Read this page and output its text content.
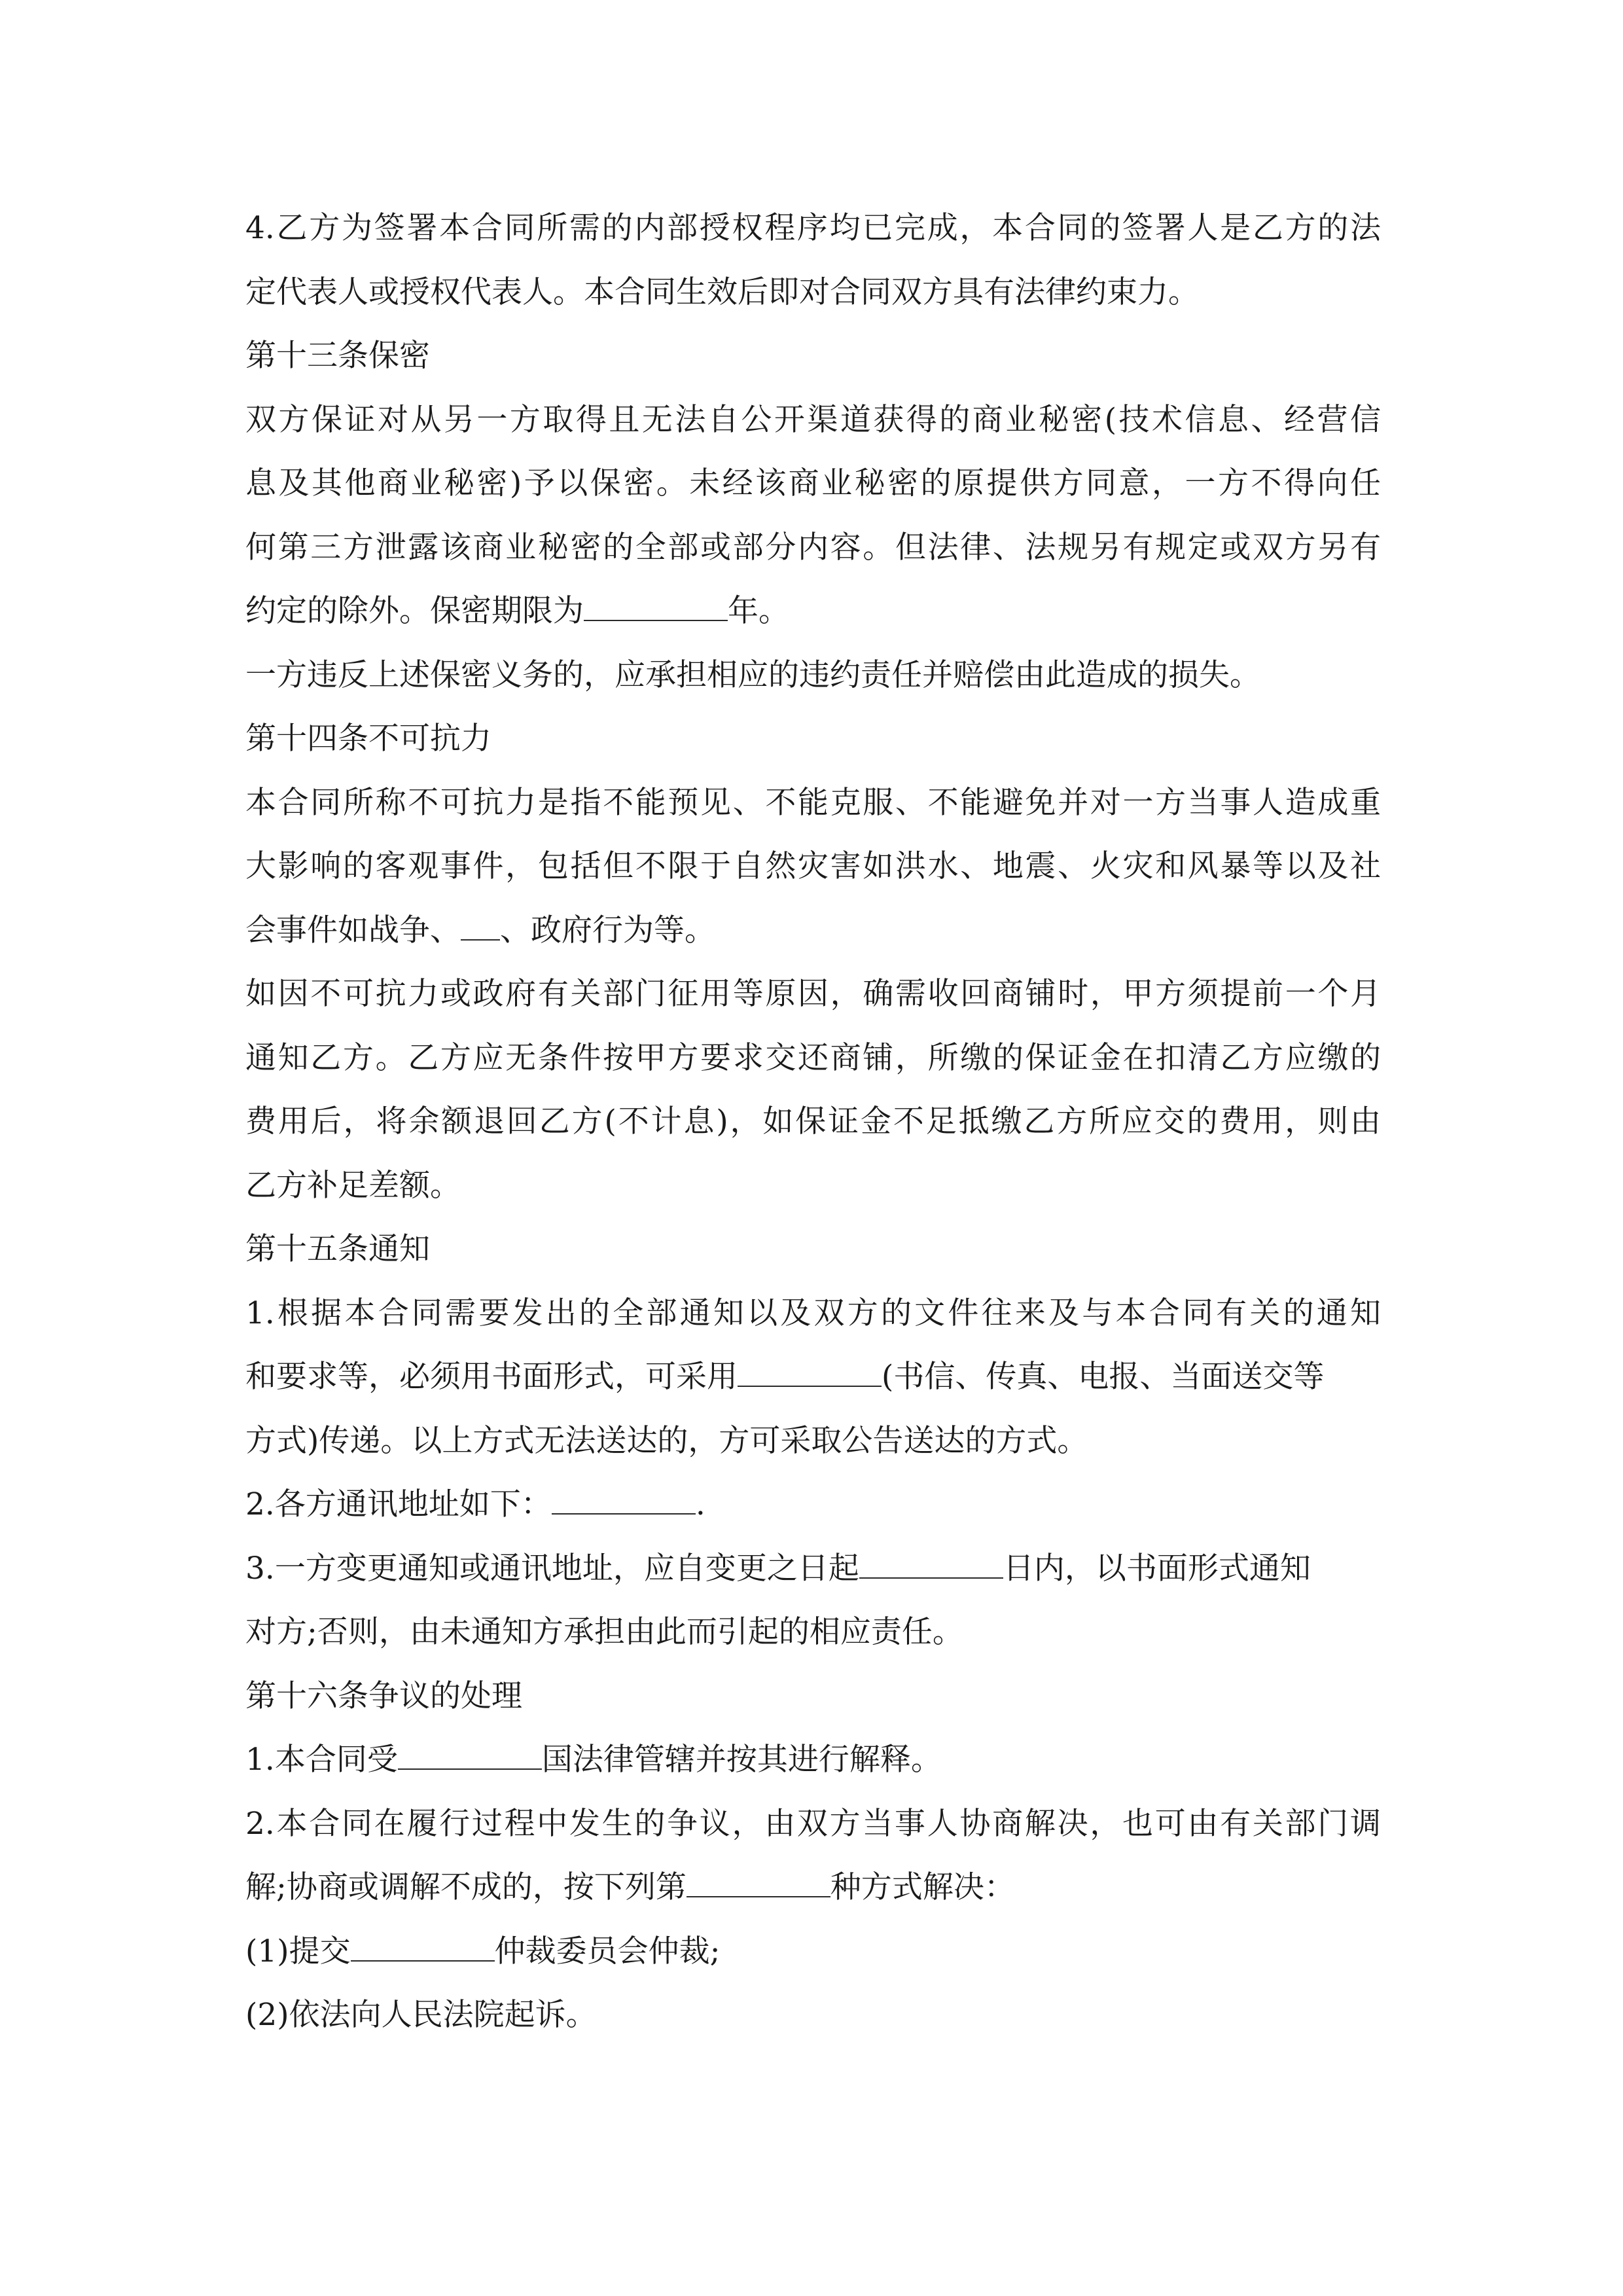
4.乙方为签署本合同所需的内部授权程序均已完成，本合同的签署人是乙方的法
定代表人或授权代表人。本合同生效后即对合同双方具有法律约束力。
第十三条保密
双方保证对从另一方取得且无法自公开渠道获得的商业秘密(技术信息、经营信
息及其他商业秘密)予以保密。未经该商业秘密的原提供方同意，一方不得向任
何第三方泄露该商业秘密的全部或部分内容。但法律、法规另有规定或双方另有
约定的除外。保密期限为	年。
一方违反上述保密义务的，应承担相应的违约责任并赔偿由此造成的损失。
第十四条不可抗力
本合同所称不可抗力是指不能预见、不能克服、不能避免并对一方当事人造成重
大影响的客观事件，包括但不限于自然灾害如洪水、地震、火灾和风暴等以及社
会事件如战争、 、政府行为等。
如因不可抗力或政府有关部门征用等原因，确需收回商铺时，甲方须提前一个月
通知乙方。乙方应无条件按甲方要求交还商铺，所缴的保证金在扣清乙方应缴的
费用后，将余额退回乙方(不计息)，如保证金不足抵缴乙方所应交的费用，则由
乙方补足差额。
第十五条通知
1.根据本合同需要发出的全部通知以及双方的文件往来及与本合同有关的通知
和要求等，必须用书面形式，可采用	(书信、传真、电报、当面送交等
方式)传递。以上方式无法送达的，方可采取公告送达的方式。
2.各方通讯地址如下：	.
3.一方变更通知或通讯地址，应自变更之日起	日内，以书面形式通知
对方;否则，由未通知方承担由此而引起的相应责任。
第十六条争议的处理
1.本合同受	国法律管辖并按其进行解释。
2.本合同在履行过程中发生的争议，由双方当事人协商解决，也可由有关部门调
解;协商或调解不成的，按下列第	种方式解决：
(1)提交	仲裁委员会仲裁;
(2)依法向人民法院起诉。
